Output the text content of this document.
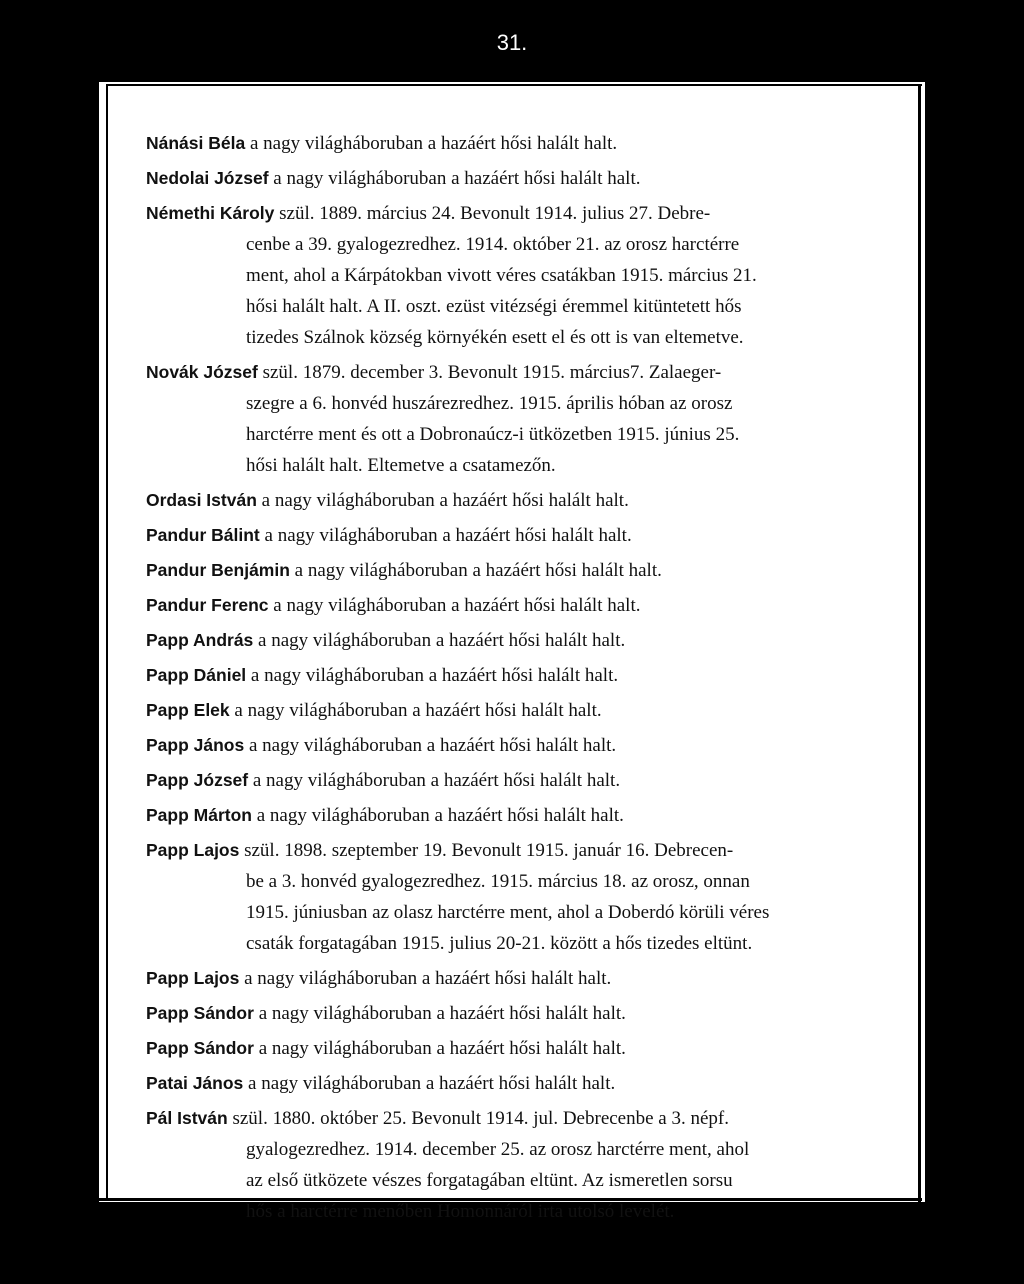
31.
Nánási Béla a nagy világháboruban a hazáért hősi halált halt.
Nedolai József a nagy világháboruban a hazáért hősi halált halt.
Némethi Károly szül. 1889. március 24. Bevonult 1914. julius 27. Debre-
cenbe a 39. gyalogezredhez. 1914. október 21. az orosz harctérre
ment, ahol a Kárpátokban vivott véres csatákban 1915. március 21.
hősi halált halt. A II. oszt. ezüst vitézségi éremmel kitüntetett hős
tizedes Szálnok község környékén esett el és ott is van eltemetve.
Novák József szül. 1879. december 3. Bevonult 1915. március7. Zalaeger-
szegre a 6. honvéd huszárezredhez. 1915. április hóban az orosz
harctérre ment és ott a Dobronaúcz-i ütközetben 1915. június 25.
hősi halált halt. Eltemetve a csatamezőn.
Ordasi István a nagy világháboruban a hazáért hősi halált halt.
Pandur Bálint a nagy világháboruban a hazáért hősi halált halt.
Pandur Benjámin a nagy világháboruban a hazáért hősi halált halt.
Pandur Ferenc a nagy világháboruban a hazáért hősi halált halt.
Papp András a nagy világháboruban a hazáért hősi halált halt.
Papp Dániel a nagy világháboruban a hazáért hősi halált halt.
Papp Elek a nagy világháboruban a hazáért hősi halált halt.
Papp János a nagy világháboruban a hazáért hősi halált halt.
Papp József a nagy világháboruban a hazáért hősi halált halt.
Papp Márton a nagy világháboruban a hazáért hősi halált halt.
Papp Lajos szül. 1898. szeptember 19. Bevonult 1915. január 16. Debrecen-
be a 3. honvéd gyalogezredhez. 1915. március 18. az orosz, onnan
1915. júniusban az olasz harctérre ment, ahol a Doberdó körüli véres
csaták forgatagában 1915. julius 20-21. között a hős tizedes eltünt.
Papp Lajos a nagy világháboruban a hazáért hősi halált halt.
Papp Sándor a nagy világháboruban a hazáért hősi halált halt.
Papp Sándor a nagy világháboruban a hazáért hősi halált halt.
Patai János a nagy világháboruban a hazáért hősi halált halt.
Pál István szül. 1880. október 25. Bevonult 1914. jul. Debrecenbe a 3. népf.
gyalogezredhez. 1914. december 25. az orosz harctérre ment, ahol
az első ütközete vészes forgatagában eltünt. Az ismeretlen sorsu
hős a harctérre menőben Homonnáról irta utolsó levelét.
